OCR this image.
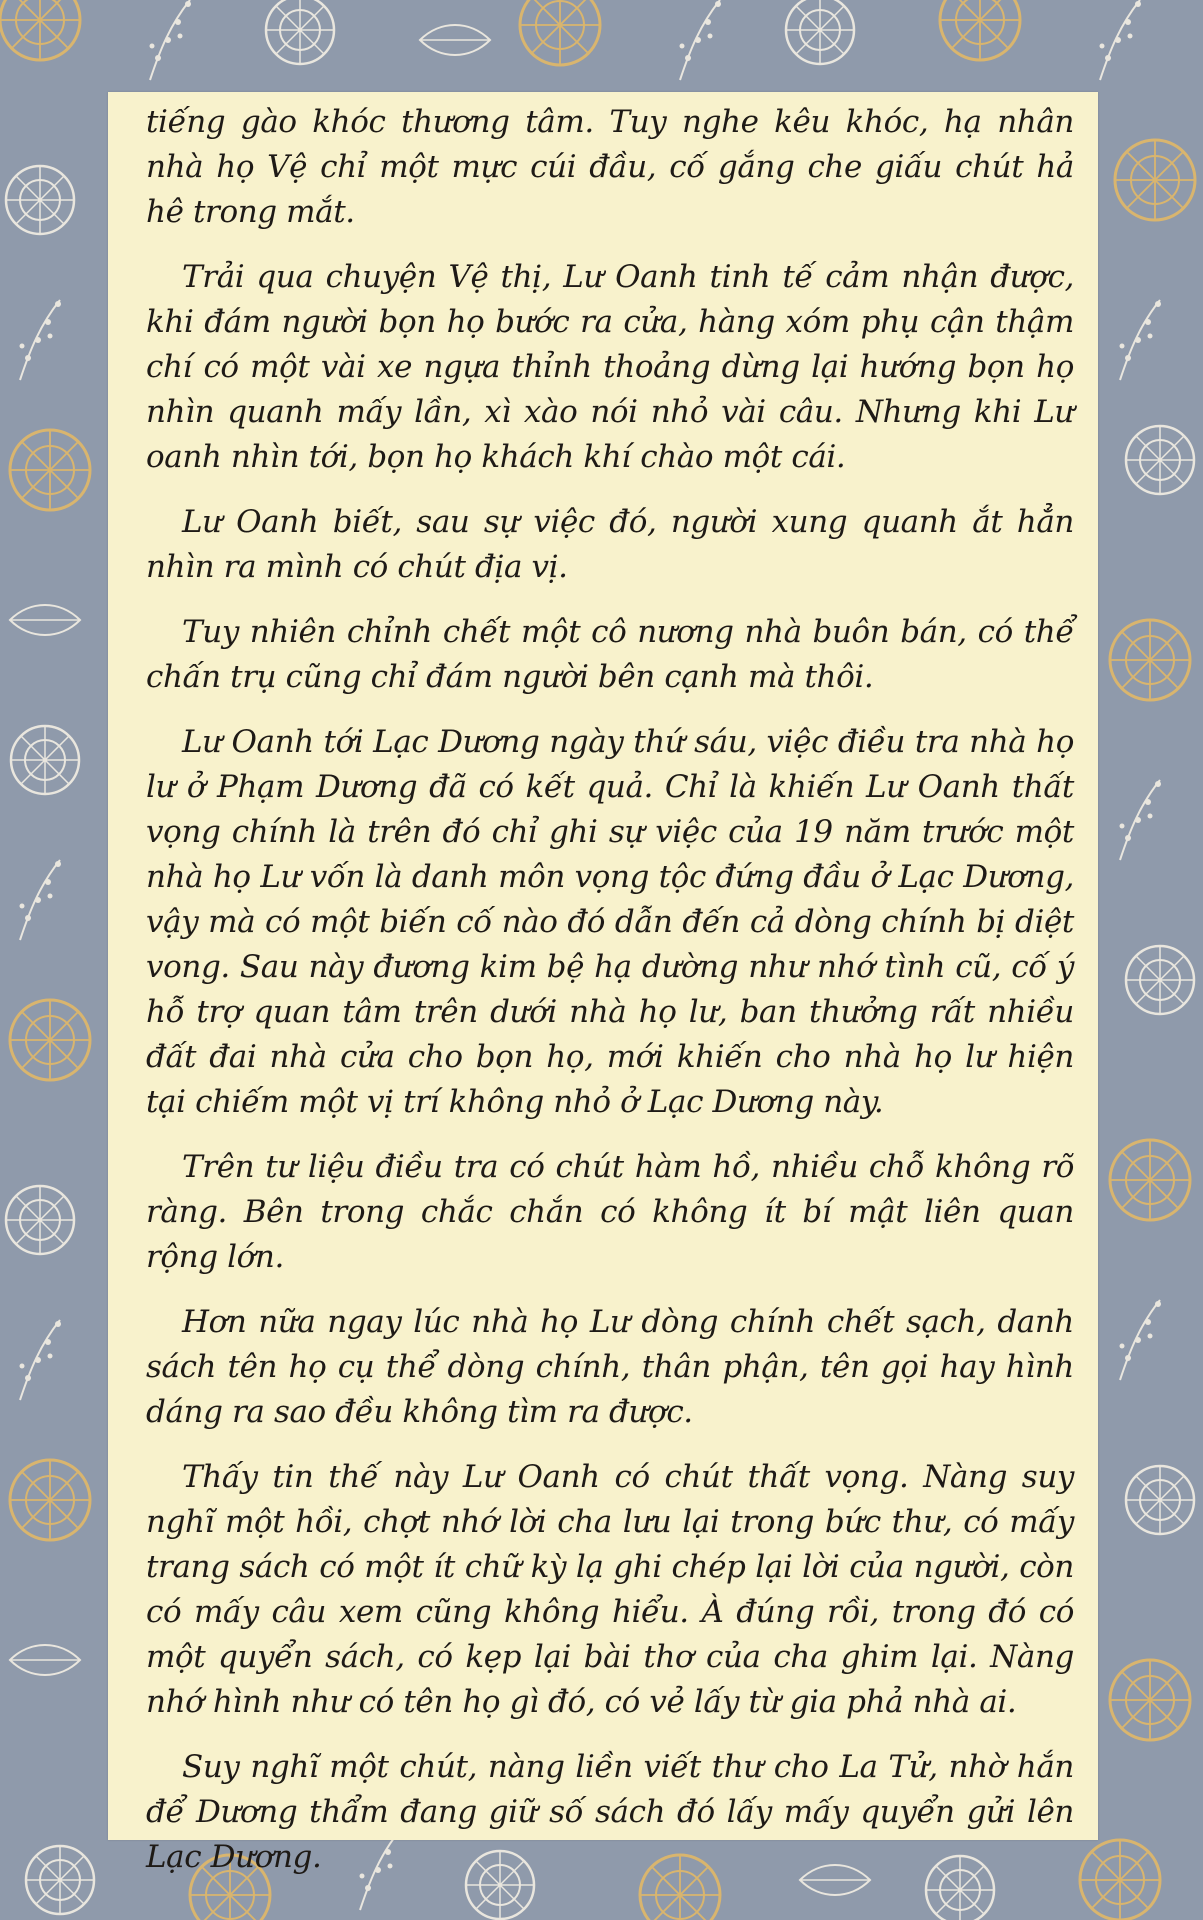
tiếng gào khóc thương tâm. Tuy nghe kêu khóc, hạ nhân nhà họ Vệ chỉ một mực cúi đầu, cố gắng che giấu chút hả hê trong mắt.

Trải qua chuyện Vệ thị, Lư Oanh tinh tế cảm nhận được, khi đám người bọn họ bước ra cửa, hàng xóm phụ cận thậm chí có một vài xe ngựa thỉnh thoảng dừng lại hướng bọn họ nhìn quanh mấy lần, xì xào nói nhỏ vài câu. Nhưng khi Lư oanh nhìn tới, bọn họ khách khí chào một cái.

Lư Oanh biết, sau sự việc đó, người xung quanh ắt hẳn nhìn ra mình có chút địa vị.

Tuy nhiên chỉnh chết một cô nương nhà buôn bán, có thể chấn trụ cũng chỉ đám người bên cạnh mà thôi.

Lư Oanh tới Lạc Dương ngày thứ sáu, việc điều tra nhà họ lư ở Phạm Dương đã có kết quả. Chỉ là khiến Lư Oanh thất vọng chính là trên đó chỉ ghi sự việc của 19 năm trước một nhà họ Lư vốn là danh môn vọng tộc đứng đầu ở Lạc Dương, vậy mà có một biến cố nào đó dẫn đến cả dòng chính bị diệt vong. Sau này đương kim bệ hạ dường như nhớ tình cũ, cố ý hỗ trợ quan tâm trên dưới nhà họ lư, ban thưởng rất nhiều đất đai nhà cửa cho bọn họ, mới khiến cho nhà họ lư hiện tại chiếm một vị trí không nhỏ ở Lạc Dương này.

Trên tư liệu điều tra có chút hàm hồ, nhiều chỗ không rõ ràng. Bên trong chắc chắn có không ít bí mật liên quan rộng lớn.

Hơn nữa ngay lúc nhà họ Lư dòng chính chết sạch, danh sách tên họ cụ thể dòng chính, thân phận, tên gọi hay hình dáng ra sao đều không tìm ra được.

Thấy tin thế này Lư Oanh có chút thất vọng. Nàng suy nghĩ một hồi, chợt nhớ lời cha lưu lại trong bức thư, có mấy trang sách có một ít chữ kỳ lạ ghi chép lại lời của người, còn có mấy câu xem cũng không hiểu. À đúng rồi, trong đó có một quyển sách, có kẹp lại bài thơ của cha ghim lại. Nàng nhớ hình như có tên họ gì đó, có vẻ lấy từ gia phả nhà ai.

Suy nghĩ một chút, nàng liền viết thư cho La Tử, nhờ hắn để Dương thẩm đang giữ số sách đó lấy mấy quyển gửi lên Lạc Dương.
